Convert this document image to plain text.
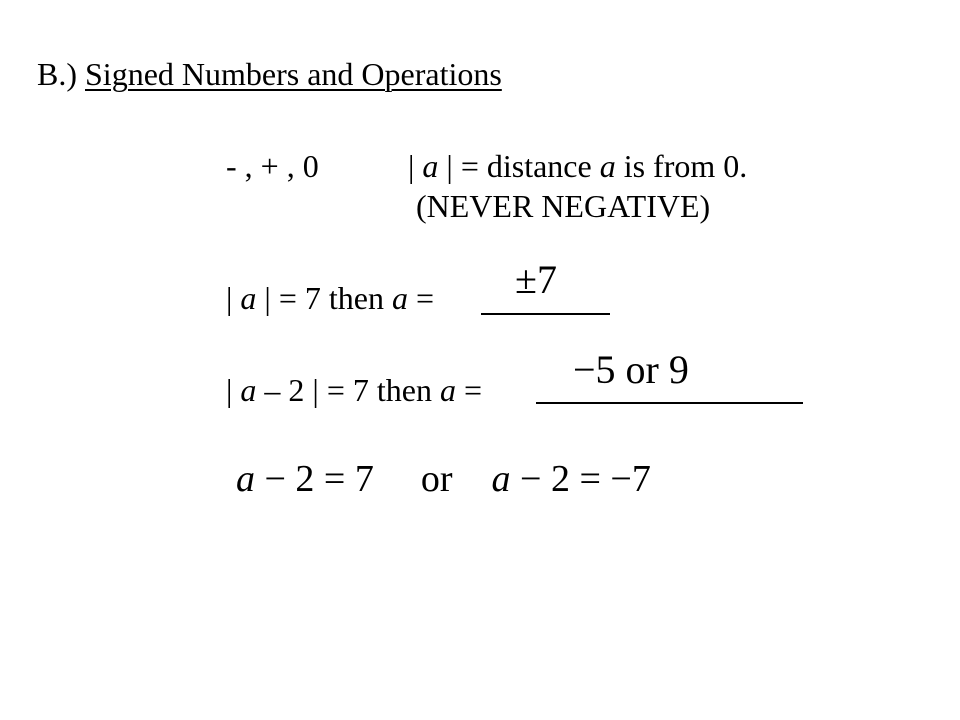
B.) Signed Numbers and Operations
- , + , 0	| a | = distance a is from 0.
(NEVER NEGATIVE)
| a | = 7 then a = ±7
| a – 2 | = 7 then a = −5 or 9
a − 2 = 7 or a − 2 = −7
